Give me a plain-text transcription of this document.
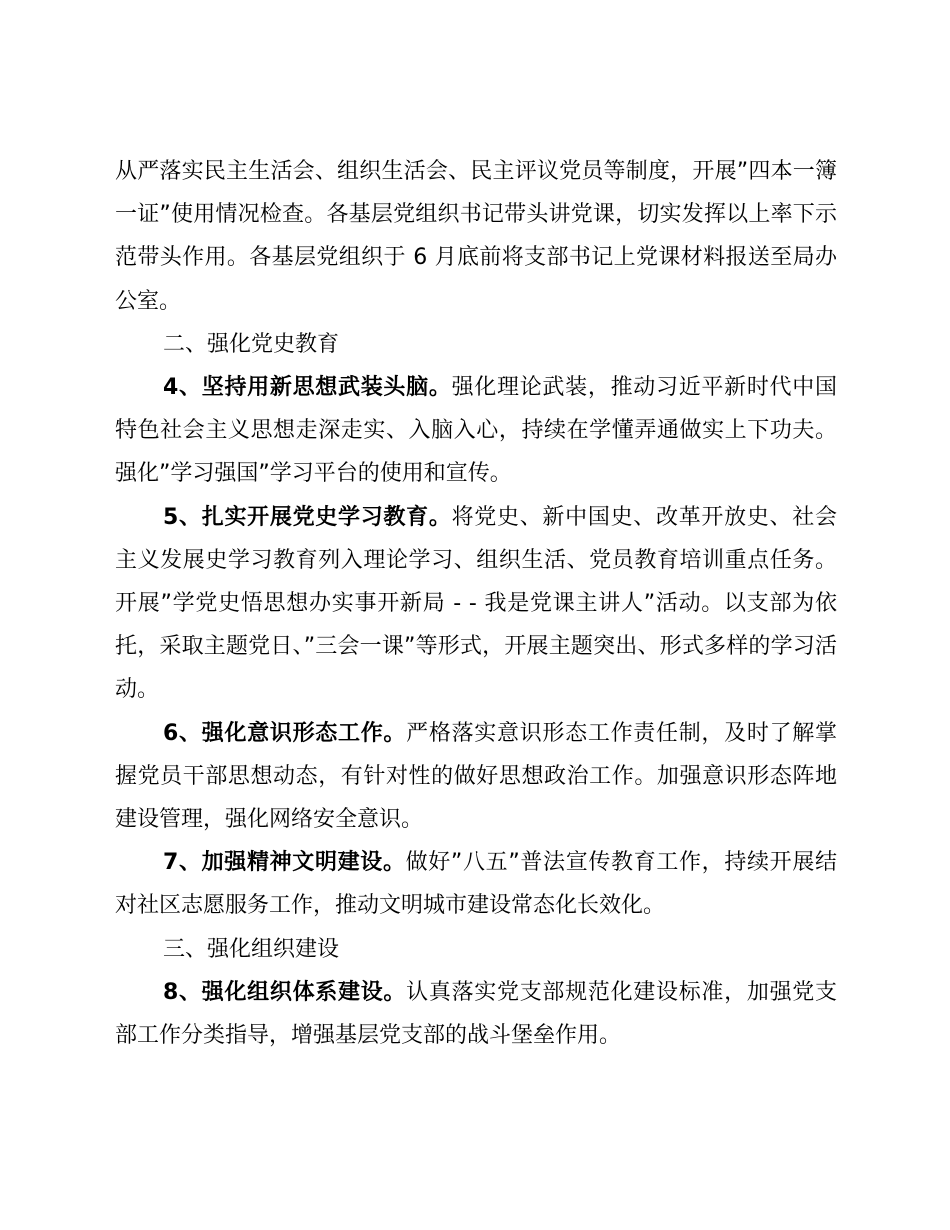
从严落实民主生活会、组织生活会、民主评议党员等制度，开展”四本一簿一证”使用情况检查。各基层党组织书记带头讲党课，切实发挥以上率下示范带头作用。各基层党组织于 6 月底前将支部书记上党课材料报送至局办公室。

二、强化党史教育

4、坚持用新思想武装头脑。强化理论武装，推动习近平新时代中国特色社会主义思想走深走实、入脑入心，持续在学懂弄通做实上下功夫。强化”学习强国”学习平台的使用和宣传。

5、扎实开展党史学习教育。将党史、新中国史、改革开放史、社会主义发展史学习教育列入理论学习、组织生活、党员教育培训重点任务。开展”学党史悟思想办实事开新局 - - 我是党课主讲人”活动。以支部为依托，采取主题党日、”三会一课”等形式，开展主题突出、形式多样的学习活动。

6、强化意识形态工作。严格落实意识形态工作责任制，及时了解掌握党员干部思想动态，有针对性的做好思想政治工作。加强意识形态阵地建设管理，强化网络安全意识。

7、加强精神文明建设。做好”八五”普法宣传教育工作，持续开展结对社区志愿服务工作，推动文明城市建设常态化长效化。

三、强化组织建设

8、强化组织体系建设。认真落实党支部规范化建设标准，加强党支部工作分类指导，增强基层党支部的战斗堡垒作用。
